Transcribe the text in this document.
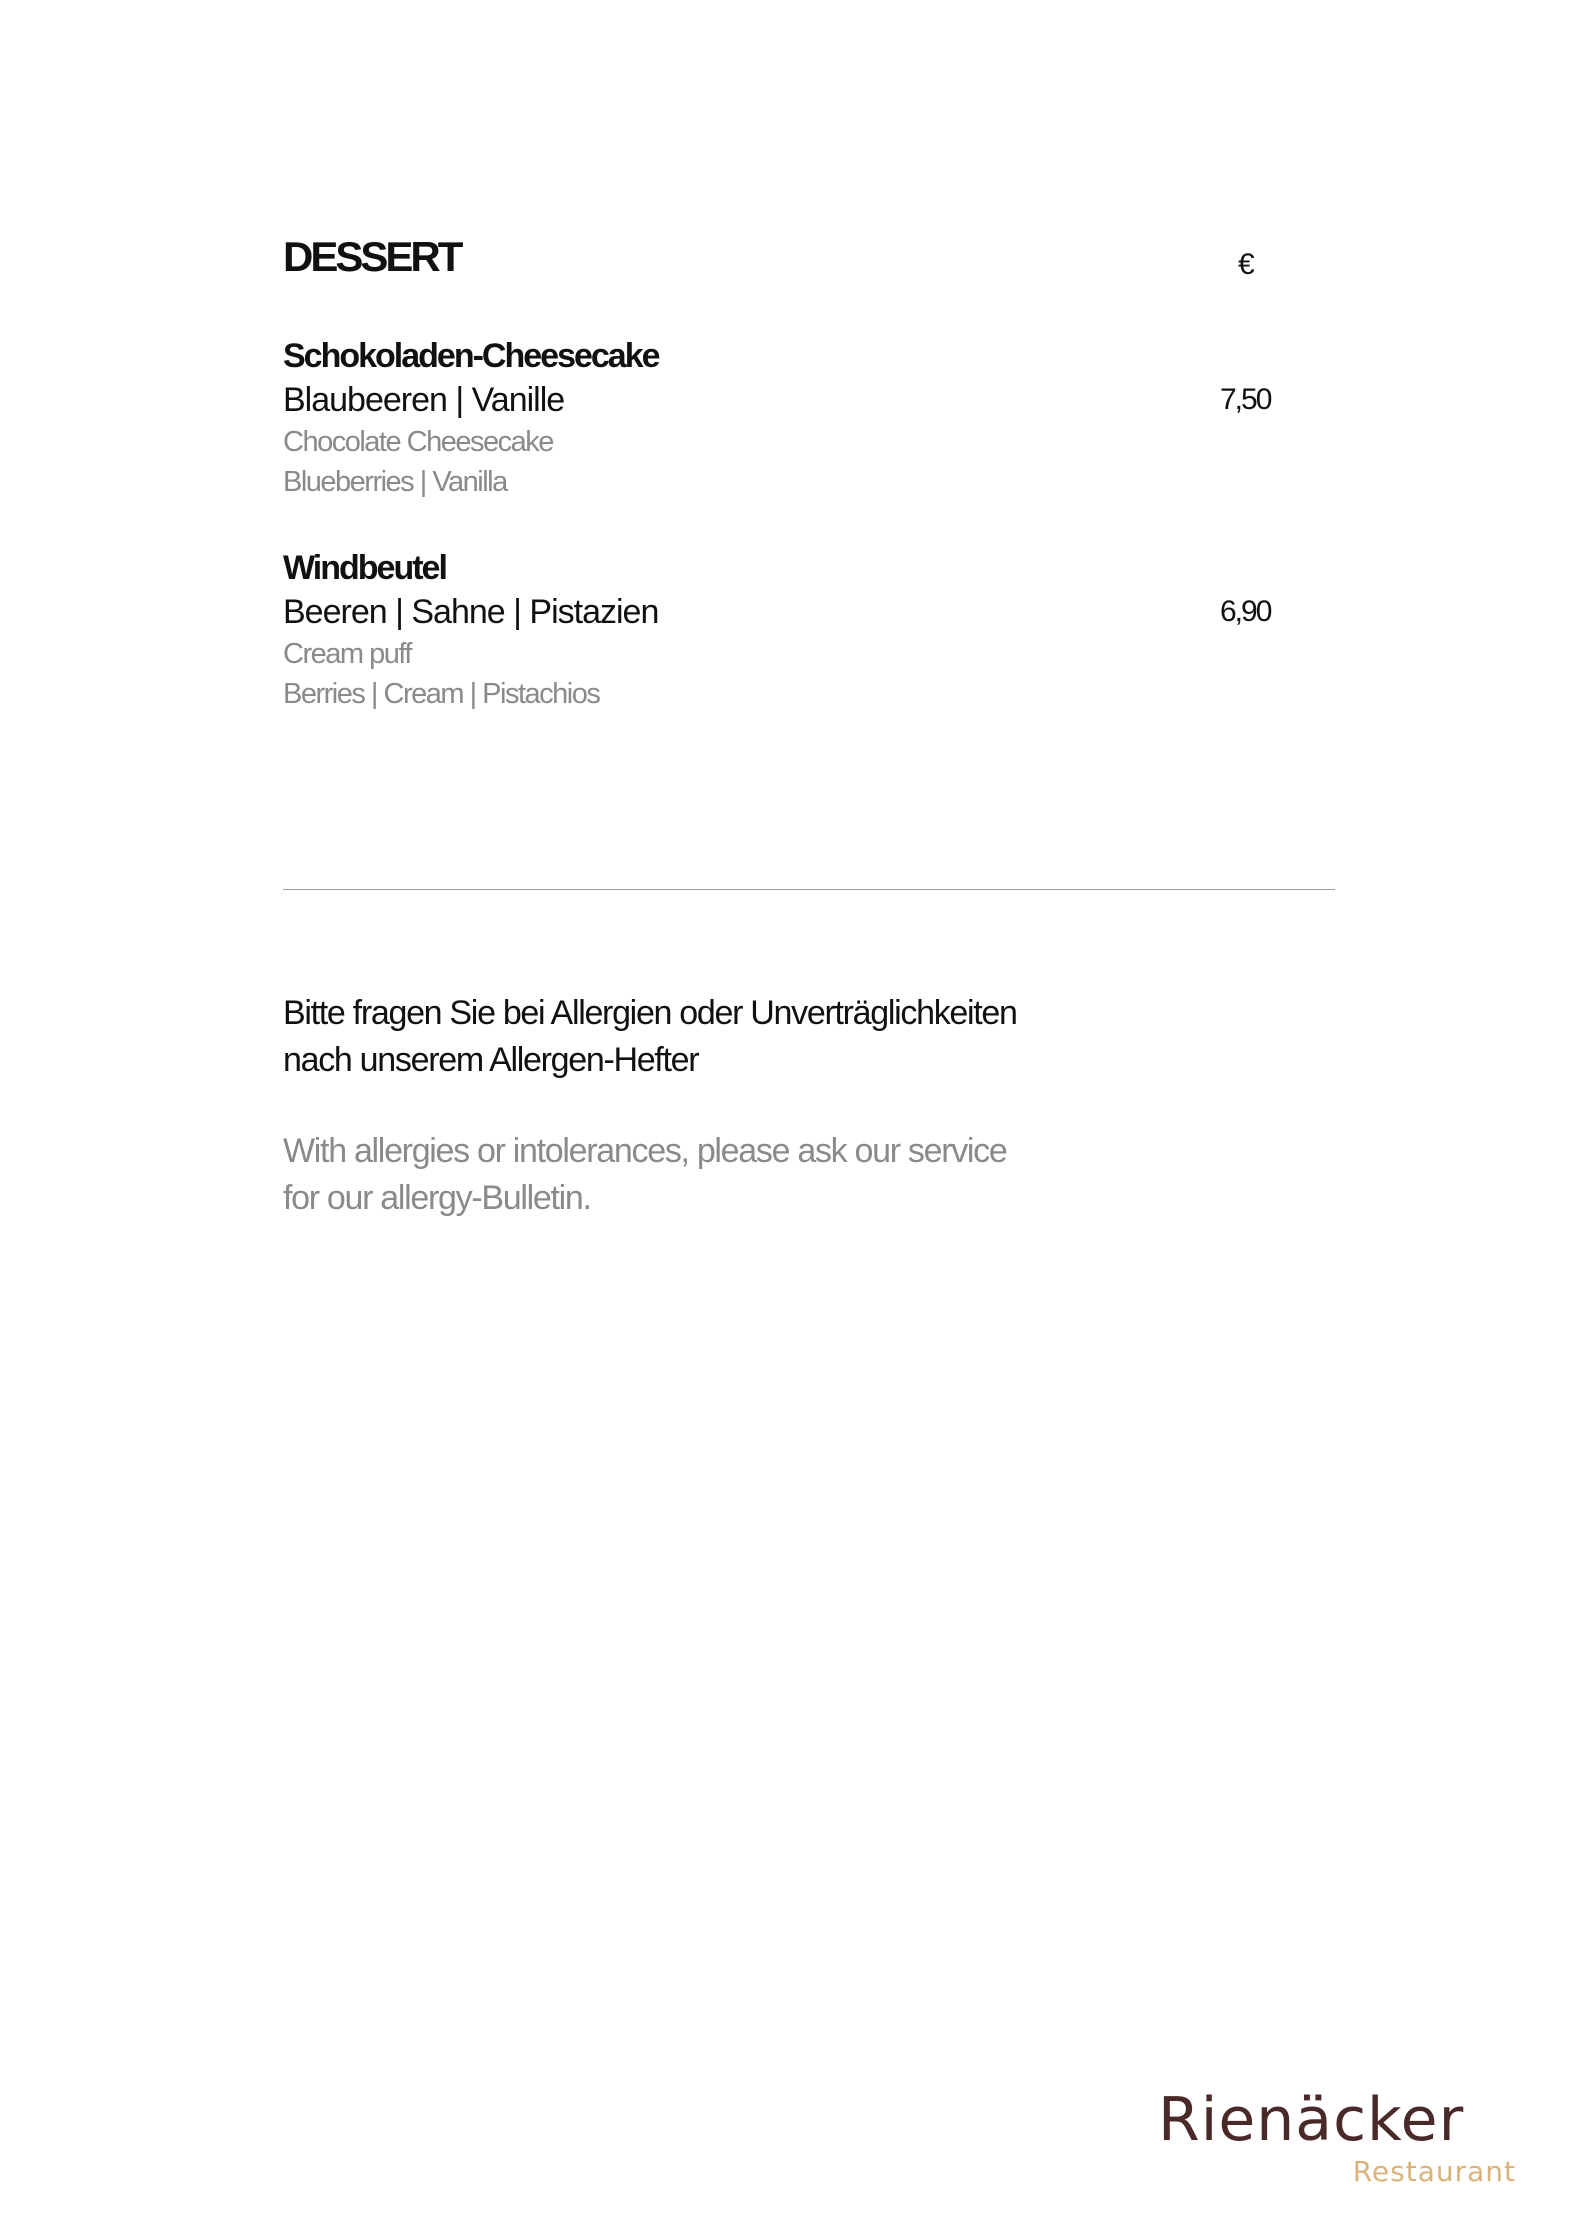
DESSERT	€
Schokoladen-Cheesecake
Blaubeeren | Vanille	7,50
Chocolate Cheesecake
Blueberries | Vanilla
Windbeutel
Beeren | Sahne | Pistazien	6,90
Cream puff
Berries | Cream | Pistachios
Bitte fragen Sie bei Allergien oder Unverträglichkeiten
nach unserem Allergen-Hefter
With allergies or intolerances, please ask our service
for our allergy-Bulletin.
Rienäcker
Restaurant
